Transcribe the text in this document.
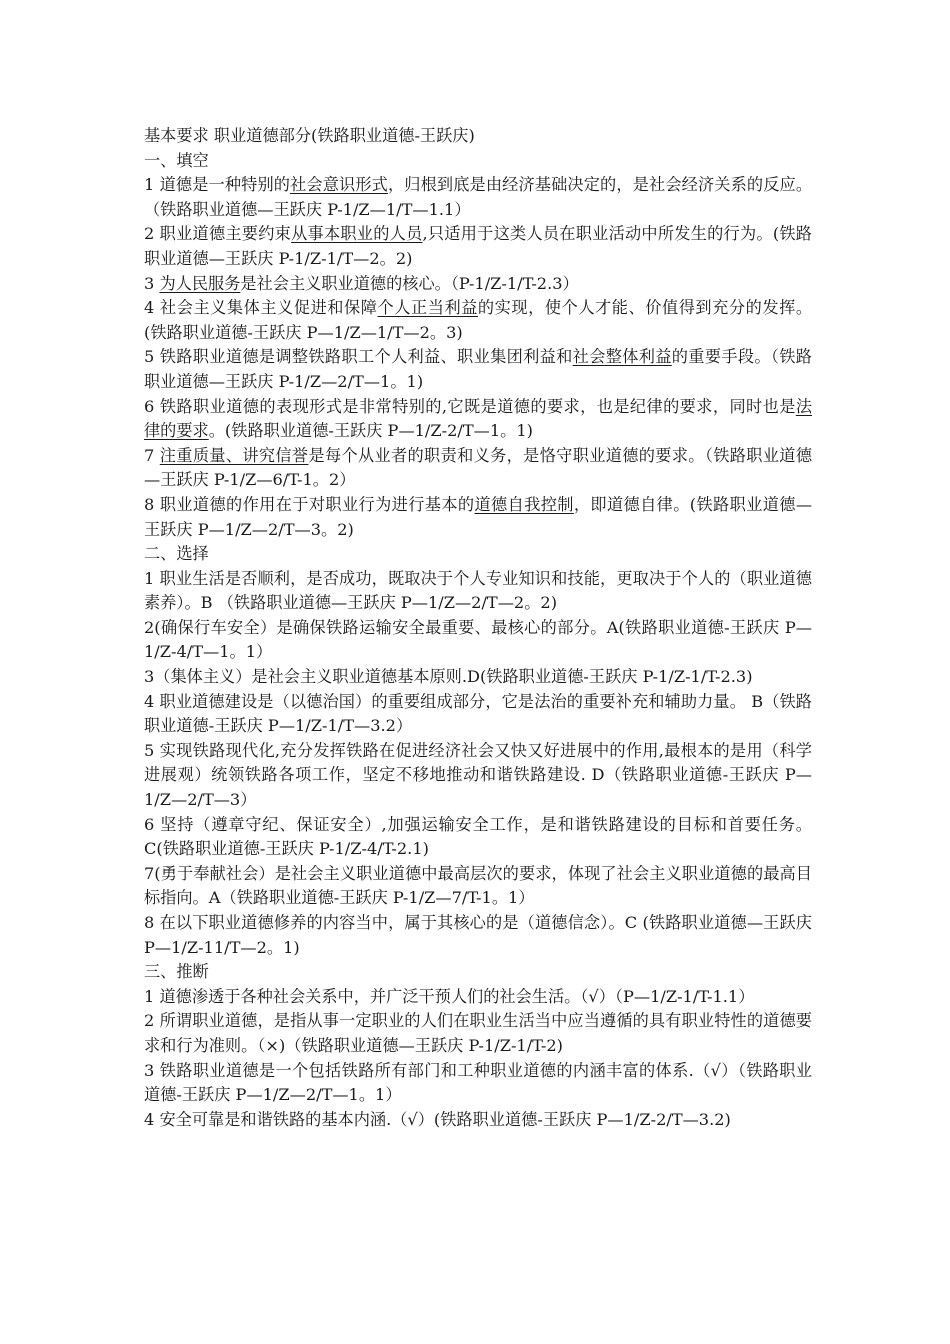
基本要求 职业道德部分(铁路职业道德-王跃庆)

一、填空

1 道德是一种特别的社会意识形式，归根到底是由经济基础决定的，是社会经济关系的反应。（铁路职业道德—王跃庆 P-1/Z—1/T—1.1）

2 职业道德主要约束从事本职业的人员,只适用于这类人员在职业活动中所发生的行为。(铁路职业道德—王跃庆 P-1/Z-1/T—2。2)

3 为人民服务是社会主义职业道德的核心。（P-1/Z-1/T-2.3）

4 社会主义集体主义促进和保障个人正当利益的实现，使个人才能、价值得到充分的发挥。(铁路职业道德-王跃庆 P—1/Z—1/T—2。3)

5 铁路职业道德是调整铁路职工个人利益、职业集团利益和社会整体利益的重要手段。（铁路职业道德—王跃庆 P-1/Z—2/T—1。1)

6 铁路职业道德的表现形式是非常特别的,它既是道德的要求，也是纪律的要求，同时也是法律的要求。(铁路职业道德-王跃庆 P—1/Z-2/T—1。1)

7 注重质量、讲究信誉是每个从业者的职责和义务，是恪守职业道德的要求。（铁路职业道德—王跃庆 P-1/Z—6/T-1。2）

8 职业道德的作用在于对职业行为进行基本的道德自我控制，即道德自律。(铁路职业道德—王跃庆 P—1/Z—2/T—3。2)

二、选择

1 职业生活是否顺利，是否成功，既取决于个人专业知识和技能，更取决于个人的（职业道德素养）。B （铁路职业道德—王跃庆 P—1/Z—2/T—2。2)

2(确保行车安全）是确保铁路运输安全最重要、最核心的部分。A(铁路职业道德-王跃庆 P—1/Z-4/T—1。1）

3（集体主义）是社会主义职业道德基本原则.D(铁路职业道德-王跃庆 P-1/Z-1/T-2.3)

4 职业道德建设是（以德治国）的重要组成部分，它是法治的重要补充和辅助力量。 B（铁路职业道德-王跃庆 P—1/Z-1/T—3.2）

5 实现铁路现代化,充分发挥铁路在促进经济社会又快又好进展中的作用,最根本的是用（科学进展观）统领铁路各项工作，坚定不移地推动和谐铁路建设. D（铁路职业道德-王跃庆 P—1/Z—2/T—3）

6 坚持（遵章守纪、保证安全）,加强运输安全工作，是和谐铁路建设的目标和首要任务。C(铁路职业道德-王跃庆 P-1/Z-4/T-2.1)

7(勇于奉献社会）是社会主义职业道德中最高层次的要求，体现了社会主义职业道德的最高目标指向。A（铁路职业道德-王跃庆 P-1/Z—7/T-1。1）

8 在以下职业道德修养的内容当中，属于其核心的是（道德信念）。C (铁路职业道德—王跃庆 P—1/Z-11/T—2。1)

三、推断

1 道德渗透于各种社会关系中，并广泛干预人们的社会生活。（√）（P—1/Z-1/T-1.1）

2 所谓职业道德，是指从事一定职业的人们在职业生活当中应当遵循的具有职业特性的道德要求和行为准则。（×)（铁路职业道德—王跃庆 P-1/Z-1/T-2)

3 铁路职业道德是一个包括铁路所有部门和工种职业道德的内涵丰富的体系.（√）（铁路职业道德-王跃庆 P—1/Z—2/T—1。1）

4 安全可靠是和谐铁路的基本内涵.（√）(铁路职业道德-王跃庆 P—1/Z-2/T—3.2)
